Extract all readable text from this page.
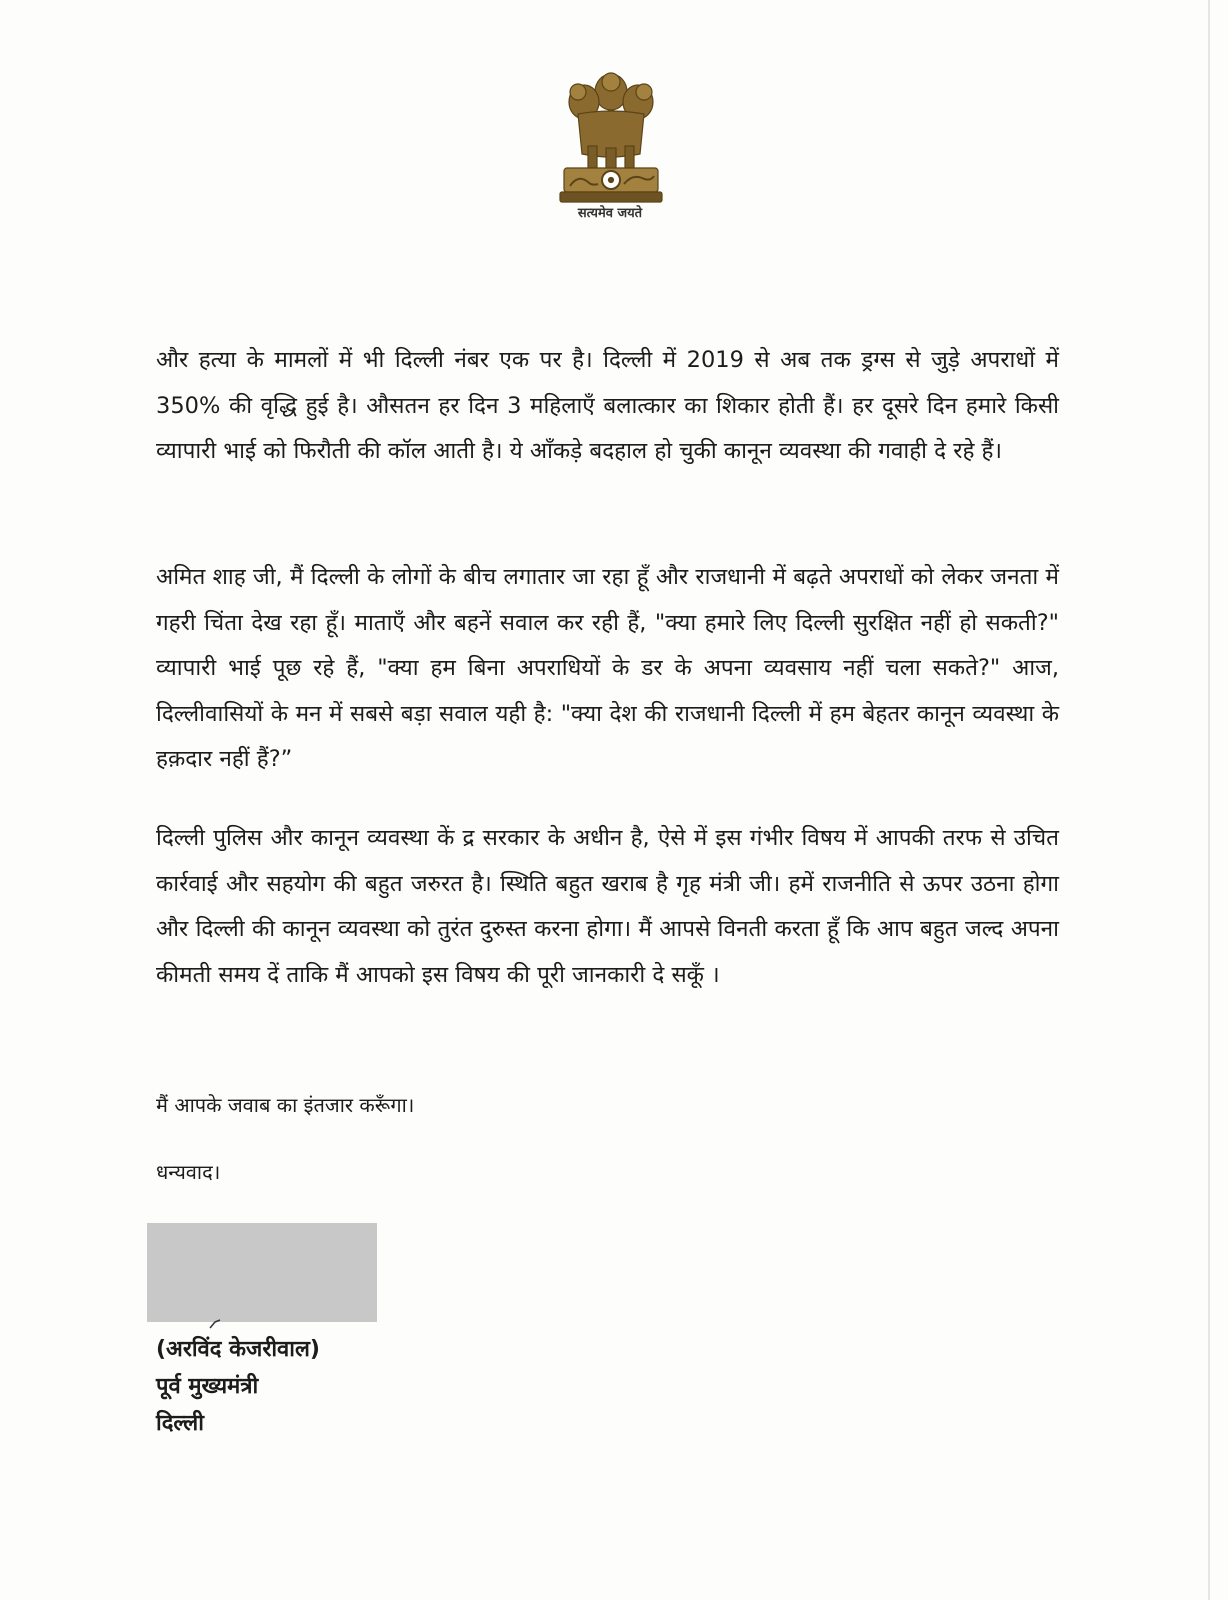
सत्यमेव जयते

और हत्या के मामलों में भी दिल्ली नंबर एक पर है। दिल्ली में 2019 से अब तक ड्रग्स से जुड़े अपराधों में 350% की वृद्धि हुई है। औसतन हर दिन 3 महिलाएँ बलात्कार का शिकार होती हैं। हर दूसरे दिन हमारे किसी व्यापारी भाई को फिरौती की कॉल आती है। ये आँकड़े बदहाल हो चुकी कानून व्यवस्था की गवाही दे रहे हैं।

अमित शाह जी, मैं दिल्ली के लोगों के बीच लगातार जा रहा हूँ और राजधानी में बढ़ते अपराधों को लेकर जनता में गहरी चिंता देख रहा हूँ। माताएँ और बहनें सवाल कर रही हैं, "क्या हमारे लिए दिल्ली सुरक्षित नहीं हो सकती?" व्यापारी भाई पूछ रहे हैं, "क्या हम बिना अपराधियों के डर के अपना व्यवसाय नहीं चला सकते?" आज, दिल्लीवासियों के मन में सबसे बड़ा सवाल यही है: "क्या देश की राजधानी दिल्ली में हम बेहतर कानून व्यवस्था के हक़दार नहीं हैं?”

दिल्ली पुलिस और कानून व्यवस्था कें द्र सरकार के अधीन है, ऐसे में इस गंभीर विषय में आपकी तरफ से उचित कार्रवाई और सहयोग की बहुत जरुरत है। स्थिति बहुत खराब है गृह मंत्री जी। हमें राजनीति से ऊपर उठना होगा और दिल्ली की कानून व्यवस्था को तुरंत दुरुस्त करना होगा। मैं आपसे विनती करता हूँ कि आप बहुत जल्द अपना कीमती समय दें ताकि मैं आपको इस विषय की पूरी जानकारी दे सकूँ ।

मैं आपके जवाब का इंतजार करूँगा।

धन्यवाद।

(अरविंद केजरीवाल)

पूर्व मुख्यमंत्री

दिल्ली
